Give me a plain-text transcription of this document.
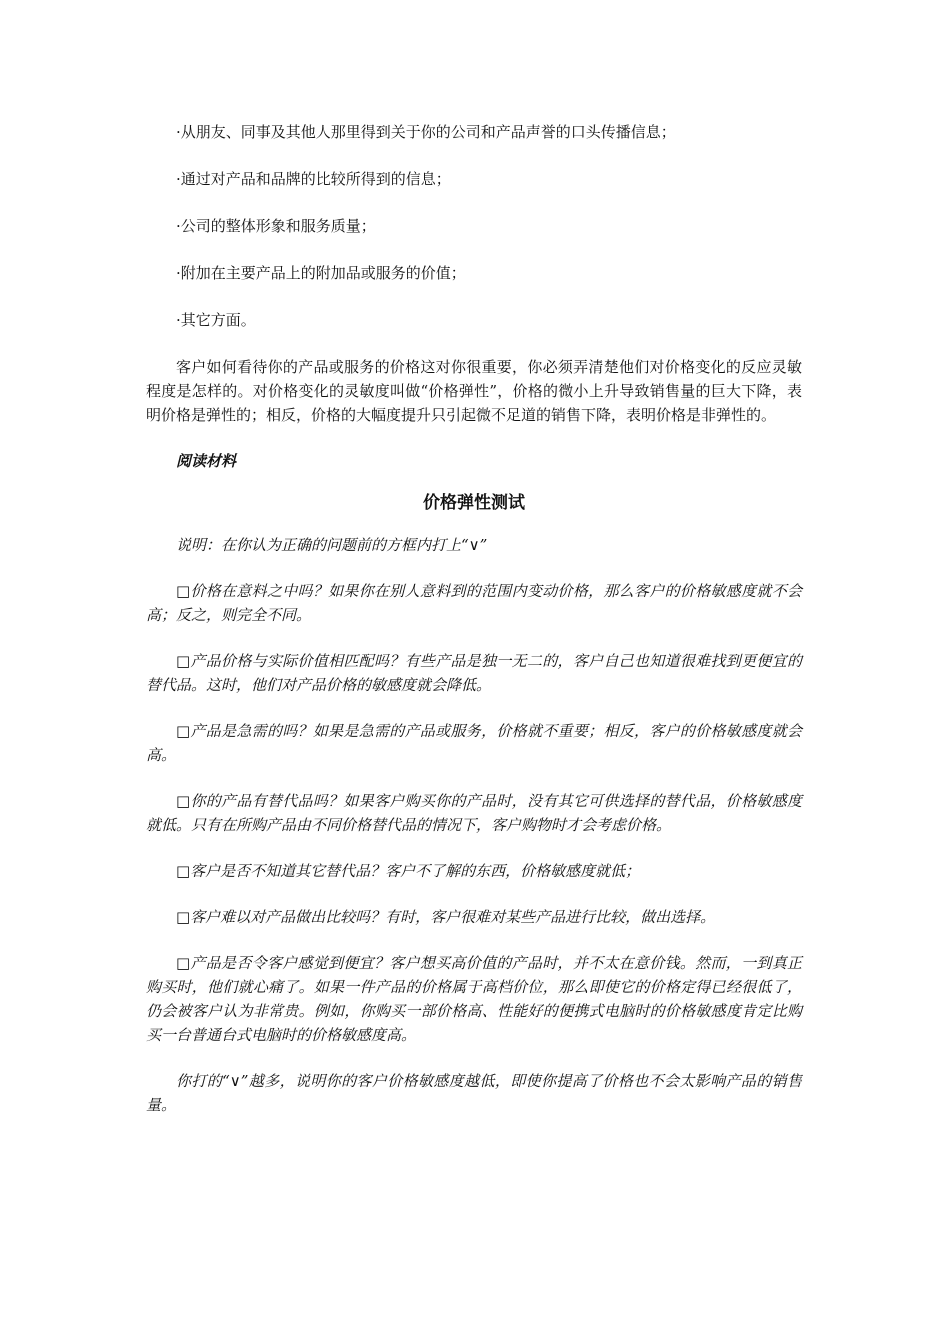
·从朋友、同事及其他人那里得到关于你的公司和产品声誉的口头传播信息；
·通过对产品和品牌的比较所得到的信息；
·公司的整体形象和服务质量；
·附加在主要产品上的附加品或服务的价值；
·其它方面。
客户如何看待你的产品或服务的价格这对你很重要，你必须弄清楚他们对价格变化的反应灵敏程度是怎样的。对价格变化的灵敏度叫做“价格弹性”，价格的微小上升导致销售量的巨大下降，表明价格是弹性的；相反，价格的大幅度提升只引起微不足道的销售下降，表明价格是非弹性的。
阅读材料
价格弹性测试
说明：在你认为正确的问题前的方框内打上“∨”
□价格在意料之中吗？如果你在别人意料到的范围内变动价格，那么客户的价格敏感度就不会高；反之，则完全不同。
□产品价格与实际价值相匹配吗？有些产品是独一无二的，客户自己也知道很难找到更便宜的替代品。这时，他们对产品价格的敏感度就会降低。
□产品是急需的吗？如果是急需的产品或服务，价格就不重要；相反，客户的价格敏感度就会高。
□你的产品有替代品吗？如果客户购买你的产品时，没有其它可供选择的替代品，价格敏感度就低。只有在所购产品由不同价格替代品的情况下，客户购物时才会考虑价格。
□客户是否不知道其它替代品？客户不了解的东西，价格敏感度就低；
□客户难以对产品做出比较吗？有时，客户很难对某些产品进行比较，做出选择。
□产品是否令客户感觉到便宜？客户想买高价值的产品时，并不太在意价钱。然而，一到真正购买时，他们就心痛了。如果一件产品的价格属于高档价位，那么即使它的价格定得已经很低了，仍会被客户认为非常贵。例如，你购买一部价格高、性能好的便携式电脑时的价格敏感度肯定比购买一台普通台式电脑时的价格敏感度高。
你打的“∨”越多，说明你的客户价格敏感度越低，即使你提高了价格也不会太影响产品的销售量。
